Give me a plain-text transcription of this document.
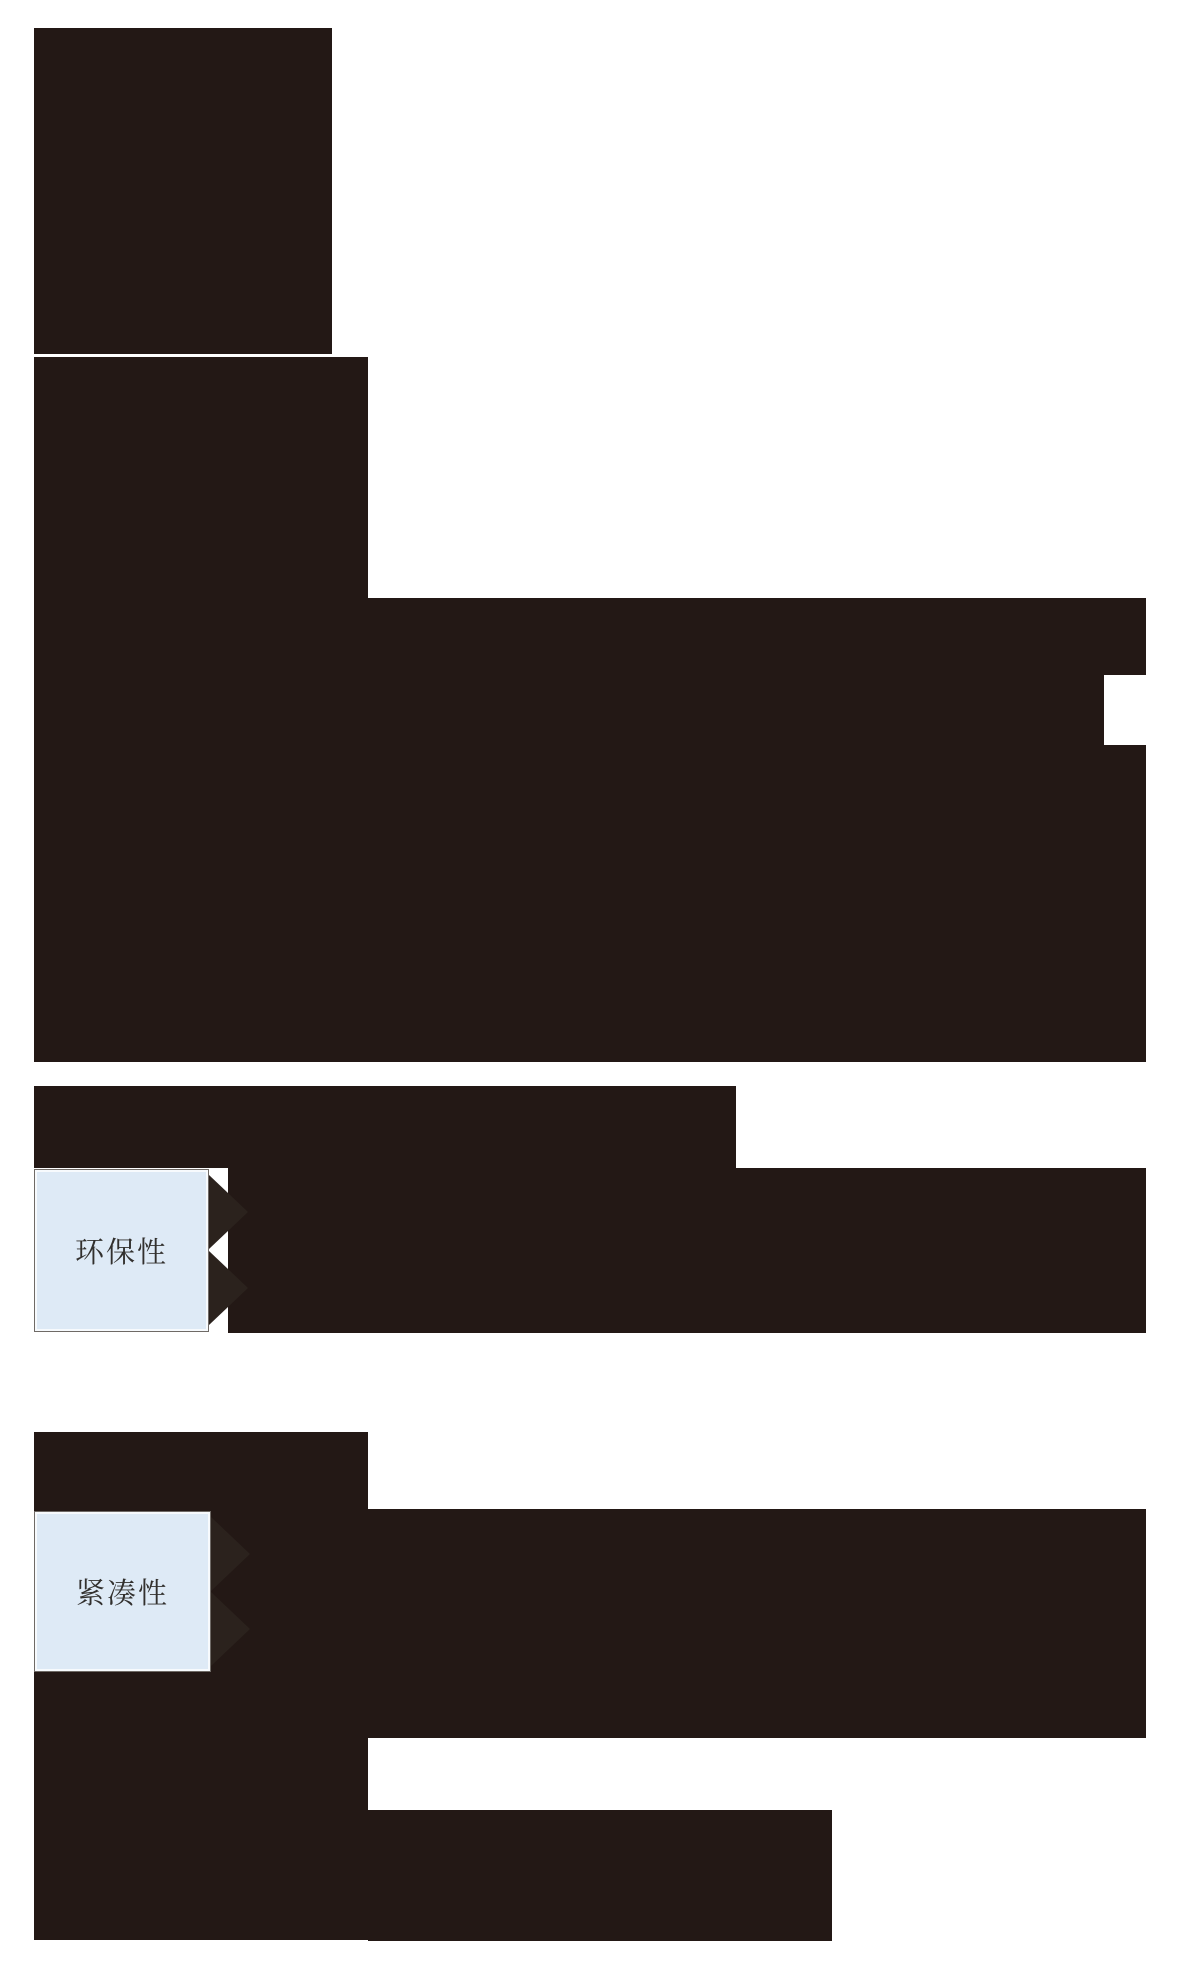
环保性
紧凑性
